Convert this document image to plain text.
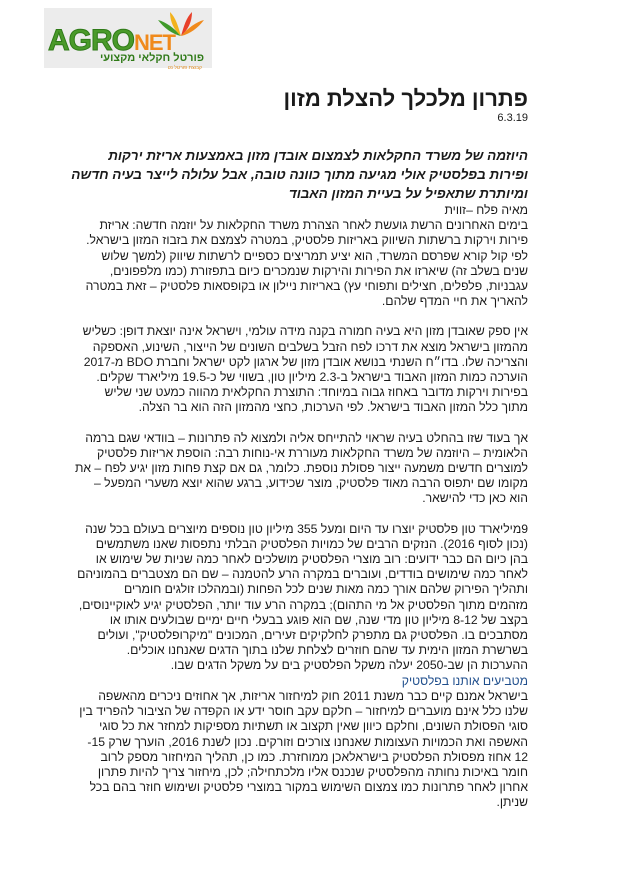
AGRONET
פורטל חקלאי מקצועי
קבוצת פורטל נט
פתרון מלכלך להצלת מזון
6.3.19
היוזמה של משרד החקלאות לצמצום אובדן מזון באמצעות אריזת ירקות
ופירות בפלסטיק אולי מגיעה מתוך כוונה טובה, אבל עלולה לייצר בעיה חדשה
ומיותרת שתאפיל על בעיית המזון האבוד
מאיה פלח –זווית
בימים האחרונים הרשת גועשת לאחר הצהרת משרד החקלאות על יוזמה חדשה: אריזת
פירות וירקות ברשתות השיווק באריזות פלסטיק, במטרה לצמצם את בזבוז המזון בישראל.
לפי קול קורא שפרסם המשרד, הוא יציע תמריצים כספיים לרשתות שיווק (למשך שלוש
שנים בשלב זה) שיארזו את הפירות והירקות שנמכרים כיום בתפזורת (כמו מלפפונים,
עגבניות, פלפלים, חצילים ותפוחי עץ) באריזות ניילון או בקופסאות פלסטיק – זאת במטרה
להאריך את חיי המדף שלהם.
אין ספק שאובדן מזון היא בעיה חמורה בקנה מידה עולמי, וישראל אינה יוצאת דופן: כשליש
מהמזון בישראל מוצא את דרכו לפח הזבל בשלבים השונים של הייצור, השינוע, האספקה
והצריכה שלו. בדו״ח השנתי בנושא אובדן מזון של ארגון לקט ישראל וחברת BDO מ-2017
הוערכה כמות המזון האבוד בישראל ב-2.3 מיליון טון, בשווי של כ-19.5 מיליארד שקלים.
בפירות וירקות מדובר באחוז גבוה במיוחד: התוצרת החקלאית מהווה כמעט שני שליש
מתוך כלל המזון האבוד בישראל. לפי הערכות, כחצי מהמזון הזה הוא בר הצלה.
אך בעוד שזו בהחלט בעיה שראוי להתייחס אליה ולמצוא לה פתרונות – בוודאי שגם ברמה
הלאומית – היוזמה של משרד החקלאות מעוררת אי-נוחות רבה: הוספת אריזות פלסטיק
למוצרים חדשים משמעה ייצור פסולת נוספת. כלומר, גם אם קצת פחות מזון יגיע לפח – את
מקומו שם יתפוס הרבה מאוד פלסטיק, מוצר שכידוע, ברגע שהוא יוצא משערי המפעל –
הוא כאן כדי להישאר.
9מיליארד טון פלסטיק יוצרו עד היום ומעל 355 מיליון טון נוספים מיוצרים בעולם בכל שנה
(נכון לסוף 2016). הנזקים הרבים של כמויות הפלסטיק הבלתי נתפסות שאנו משתמשים
בהן כיום הם כבר ידועים: רוב מוצרי הפלסטיק מושלכים לאחר כמה שניות של שימוש או
לאחר כמה שימושים בודדים, ועוברים במקרה הרע להטמנה – שם הם מצטברים בהמוניהם
ותהליך הפירוק שלהם אורך כמה מאות שנים לכל הפחות (ובמהלכו זולגים חומרים
מזהמים מתוך הפלסטיק אל מי התהום); במקרה הרע עוד יותר, הפלסטיק יגיע לאוקיינוסים,
בקצב של 8-12 מיליון טון מדי שנה, שם הוא פוגע בבעלי חיים ימיים שבולעים אותו או
מסתבכים בו. הפלסטיק גם מתפרק לחלקיקים זעירים, המכונים "מיקרופלסטיק", ועולים
בשרשרת המזון הימית עד שהם חוזרים לצלחת שלנו בתוך הדגים שאנחנו אוכלים.
ההערכות הן שב-2050 יעלה משקל הפלסטיק בים על משקל הדגים שבו.
מטביעים אותנו בפלסטיק
בישראל אמנם קיים כבר משנת 2011 חוק למיחזור אריזות, אך אחוזים ניכרים מהאשפה
שלנו כלל אינם מועברים למיחזור – חלקם עקב חוסר ידע או הקפדה של הציבור להפריד בין
סוגי הפסולת השונים, וחלקם כיוון שאין תקצוב או תשתיות מספיקות למחזר את כל סוגי
האשפה ואת הכמויות העצומות שאנחנו צורכים וזורקים. נכון לשנת 2016, הוערך שרק 15-
12 אחוז מפסולת הפלסטיק בישראלאכן ממוחזרת. כמו כן, תהליך המיחזור מספק לרוב
חומר באיכות נחותה מהפלסטיק שנכנס אליו מלכתחילה; לכן, מיחזור צריך להיות פתרון
אחרון לאחר פתרונות כמו צמצום השימוש במקור במוצרי פלסטיק ושימוש חוזר בהם בכל
שניתן.
